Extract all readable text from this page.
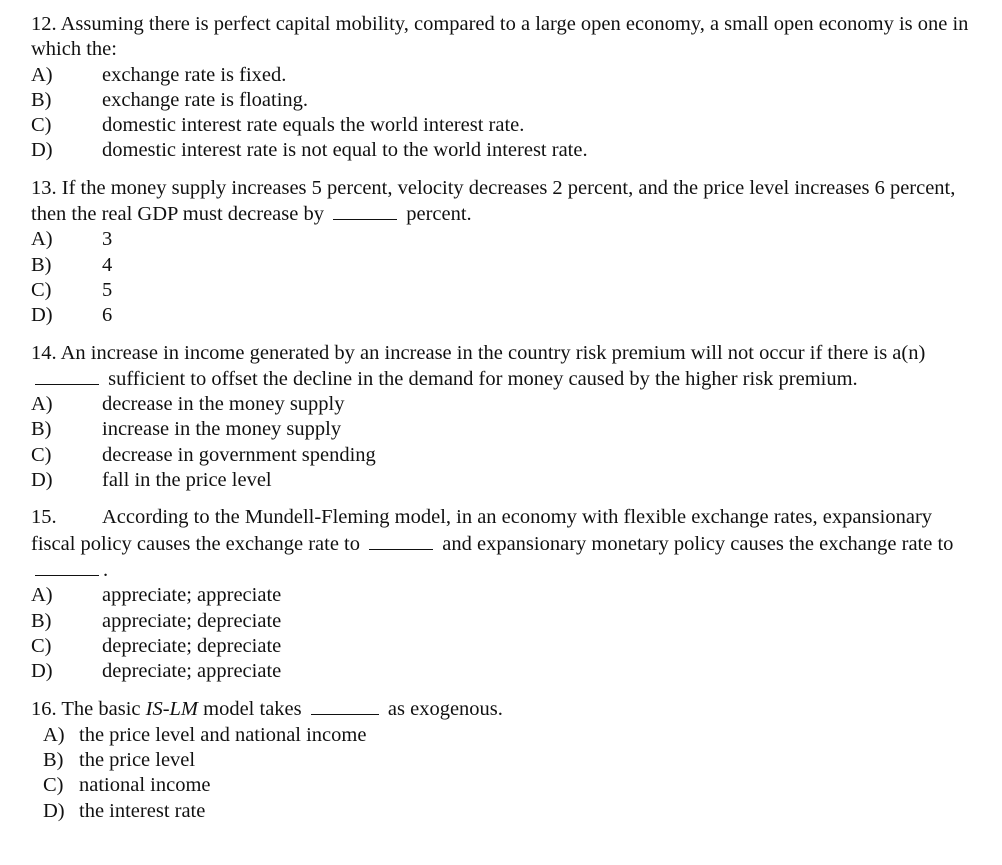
12. Assuming there is perfect capital mobility, compared to a large open economy, a small open economy is one in which the:

A)	exchange rate is fixed.
B)	exchange rate is floating.
C)	domestic interest rate equals the world interest rate.
D)	domestic interest rate is not equal to the world interest rate.

13. If the money supply increases 5 percent, velocity decreases 2 percent, and the price level increases 6 percent, then the real GDP must decrease by	percent.

A)	3
B)	4
C)	5
D)	6

14. An increase in income generated by an increase in the country risk premium will not occur if there is a(n)  sufficient to offset the decline in the demand for money caused by the higher risk premium.

A)	decrease in the money supply
B)	increase in the money supply
C)	decrease in government spending
D)	fall in the price level

15. According to the Mundell-Fleming model, in an economy with flexible exchange rates, expansionary fiscal policy causes the exchange rate to	and expansionary monetary policy causes the exchange rate to .

A)	appreciate; appreciate
B)	appreciate; depreciate
C)	depreciate; depreciate
D)	depreciate; appreciate

16. The basic IS-LM model takes	as exogenous.

A) the price level and national income
B) the price level
C) national income
D) the interest rate
